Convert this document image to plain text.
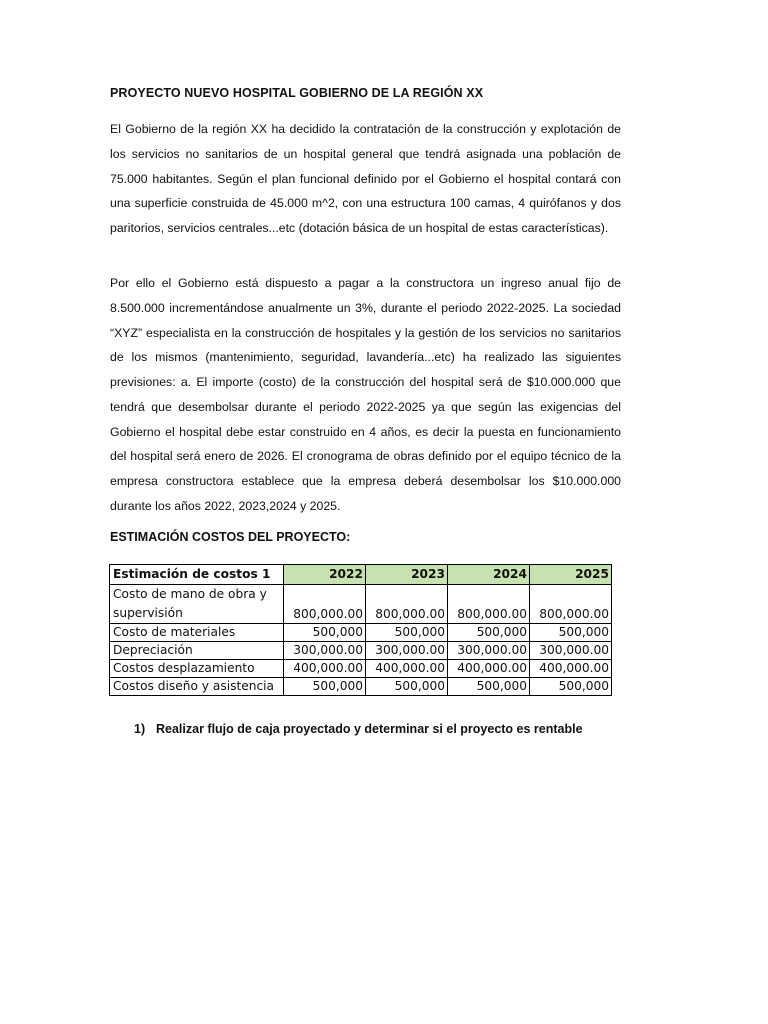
PROYECTO NUEVO HOSPITAL GOBIERNO DE LA REGIÓN XX

El Gobierno de la región XX ha decidido la contratación de la construcción y explotación de los servicios no sanitarios de un hospital general que tendrá asignada una población de 75.000 habitantes. Según el plan funcional definido por el Gobierno el hospital contará con una superficie construida de 45.000 m^2, con una estructura 100 camas, 4 quirófanos y dos paritorios, servicios centrales...etc (dotación básica de un hospital de estas características).

Por ello el Gobierno está dispuesto a pagar a la constructora un ingreso anual fijo de 8.500.000 incrementándose anualmente un 3%, durante el periodo 2022-2025. La sociedad “XYZ” especialista en la construcción de hospitales y la gestión de los servicios no sanitarios de los mismos (mantenimiento, seguridad, lavandería...etc) ha realizado las siguientes previsiones: a. El importe (costo) de la construcción del hospital será de $10.000.000 que tendrá que desembolsar durante el periodo 2022-2025 ya que según las exigencias del Gobierno el hospital debe estar construido en 4 años, es decir la puesta en funcionamiento del hospital será enero de 2026. El cronograma de obras definido por el equipo técnico de la empresa constructora establece que la empresa deberá desembolsar los $10.000.000 durante los años 2022, 2023,2024 y 2025.

ESTIMACIÓN COSTOS DEL PROYECTO:
Estimación de costos 1	2022	2023	2024	2025
Costo de mano de obra y supervisión	800,000.00	800,000.00	800,000.00	800,000.00
Costo de materiales	500,000	500,000	500,000	500,000
Depreciación	300,000.00	300,000.00	300,000.00	300,000.00
Costos desplazamiento	400,000.00	400,000.00	400,000.00	400,000.00
Costos diseño y asistencia	500,000	500,000	500,000	500,000
1) Realizar flujo de caja proyectado y determinar si el proyecto es rentable
